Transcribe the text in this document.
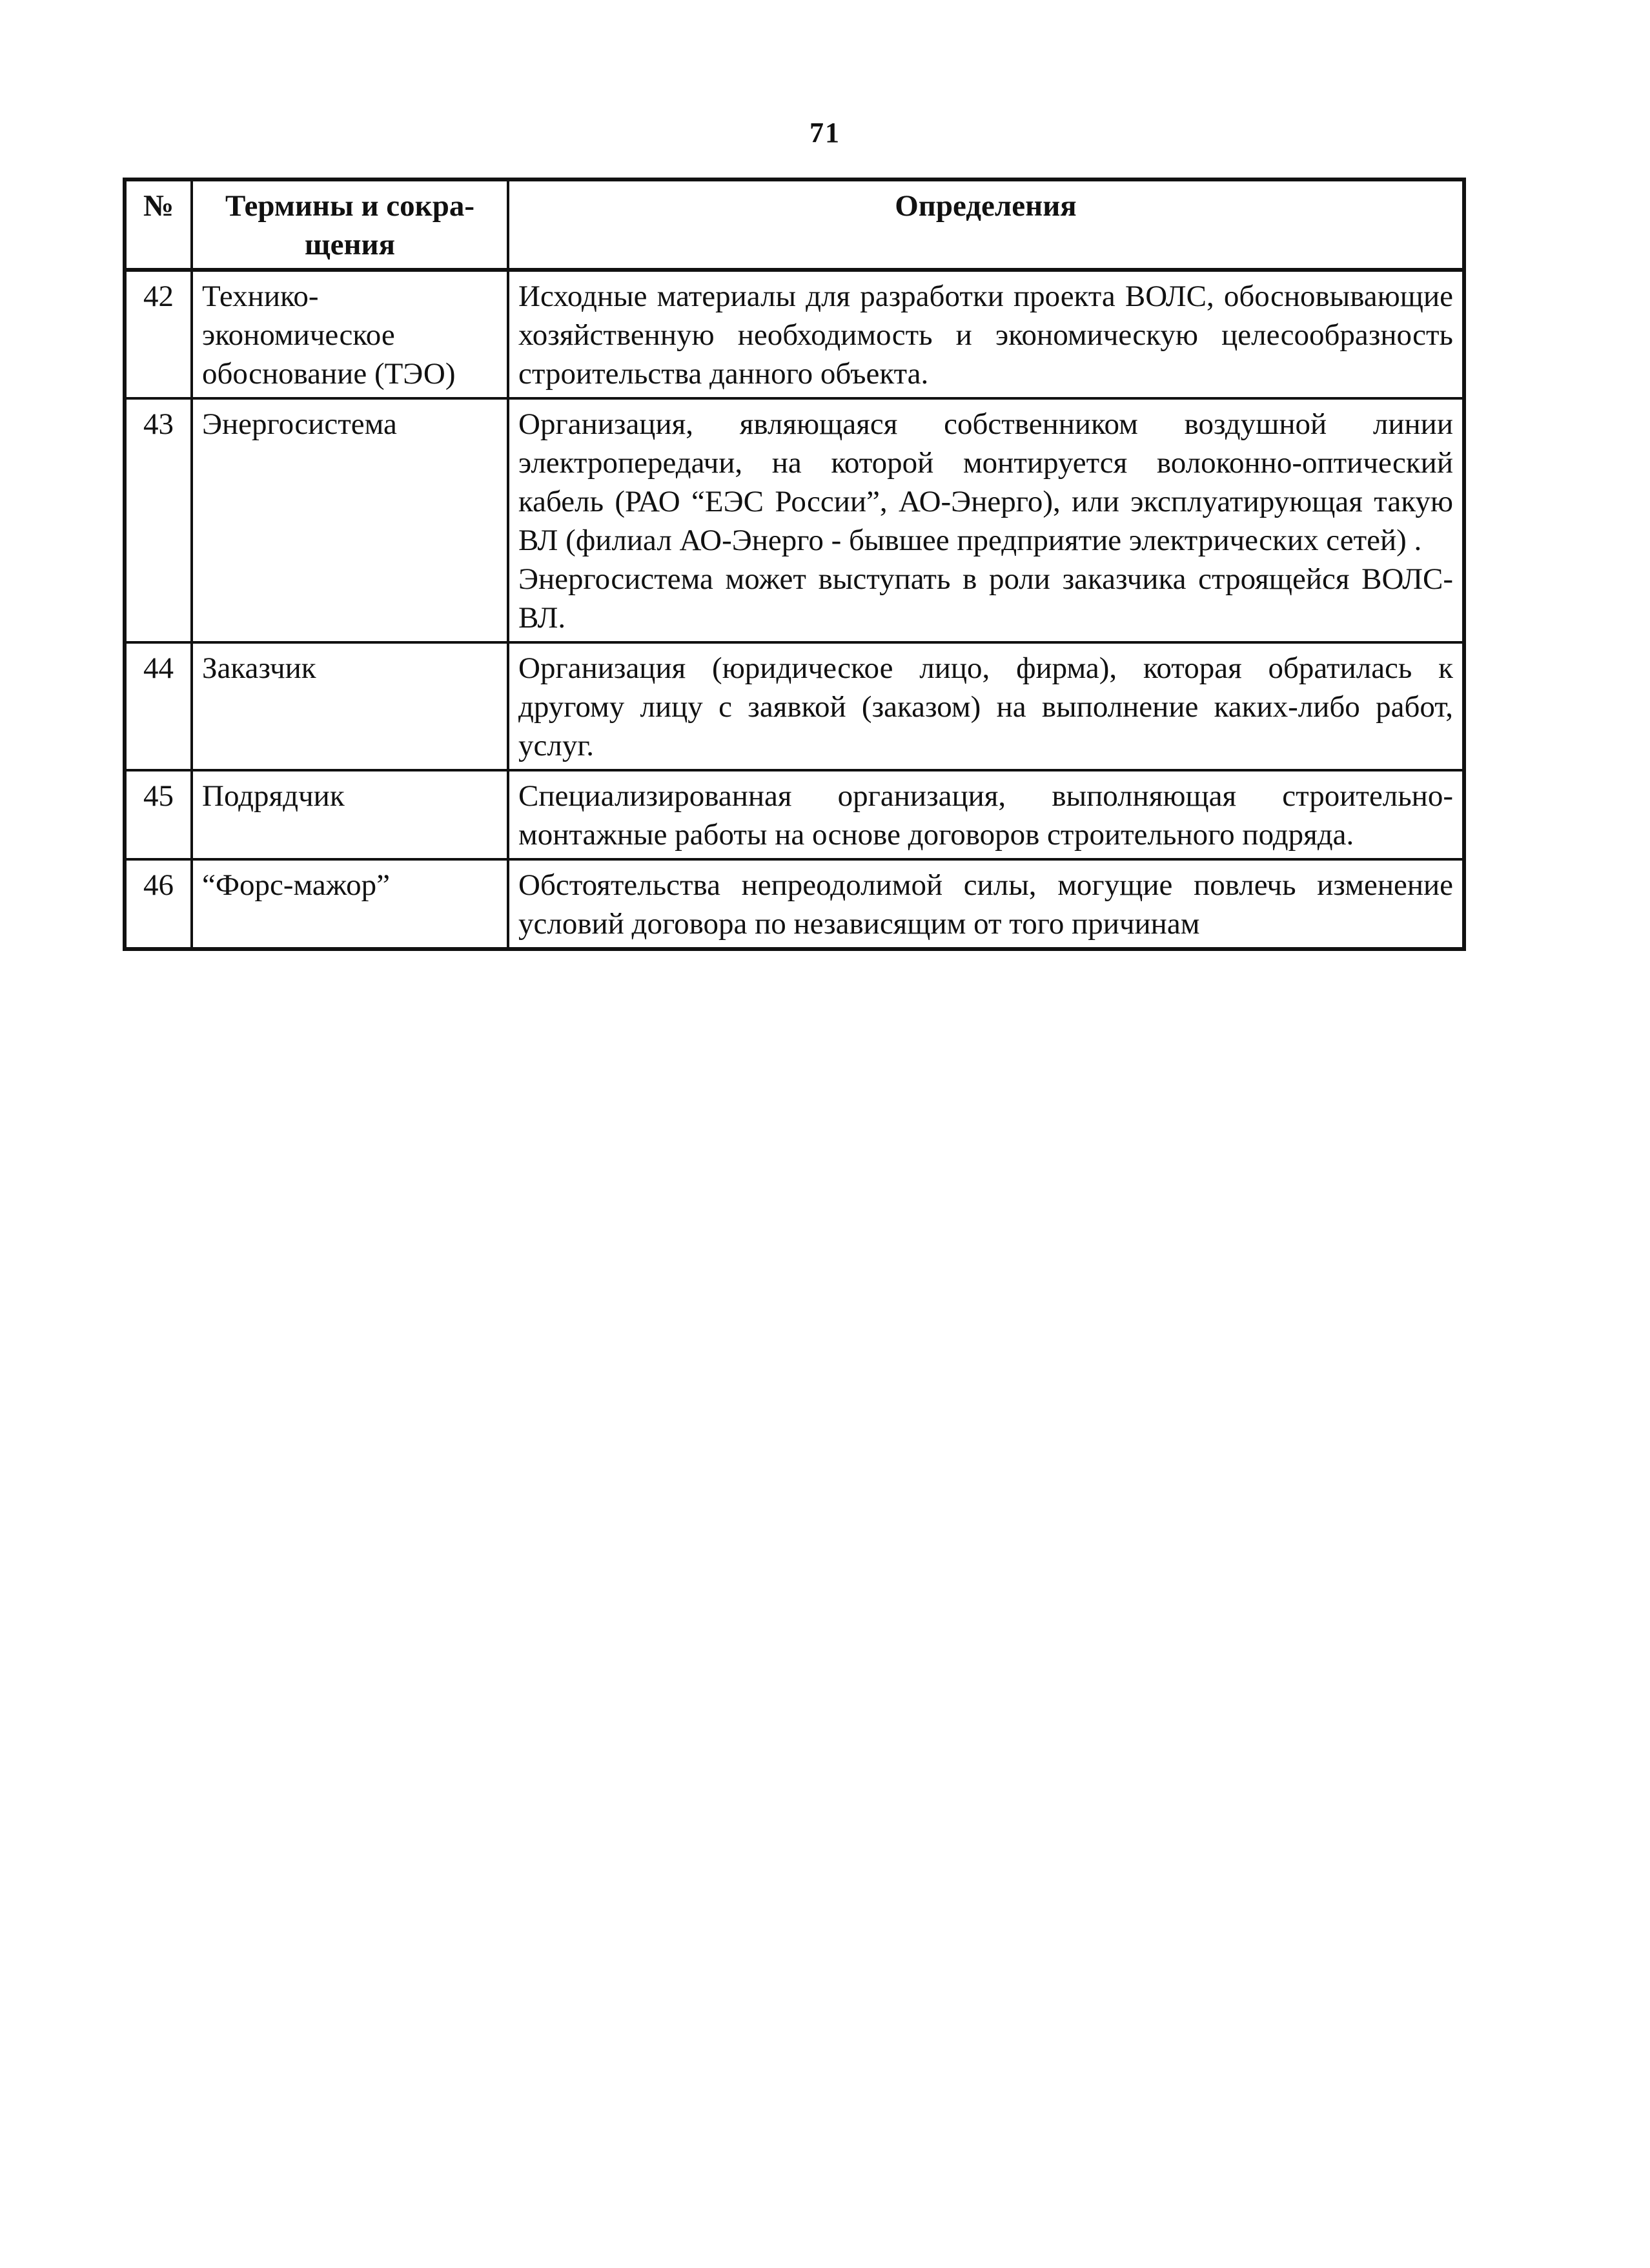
71
№	Термины и сокра-щения	Определения
42	Технико-экономическое обоснование (ТЭО)	Исходные материалы для разработки проекта ВОЛС, обосновывающие хозяйственную необходимость и экономическую целесообразность строительства данного объекта.

43	Энергосистема	Организация, являющаяся собственником воздушной линии электропередачи, на которой монтируется волоконно-оптический кабель (РАО “ЕЭС России”, АО-Энерго), или эксплуатирующая такую ВЛ (филиал АО-Энерго - бывшее предприятие электрических сетей) .
Энергосистема может выступать в роли заказчика строящейся ВОЛС-ВЛ.

44	Заказчик	Организация (юридическое лицо, фирма), которая обратилась к другому лицу с заявкой (заказом) на выполнение каких-либо работ, услуг.

45	Подрядчик	Специализированная организация, выполняющая строительно-монтажные работы на основе договоров строительного подряда.

46	“Форс-мажор”	Обстоятельства непреодолимой силы, могущие повлечь изменение условий договора по независящим от того причинам
